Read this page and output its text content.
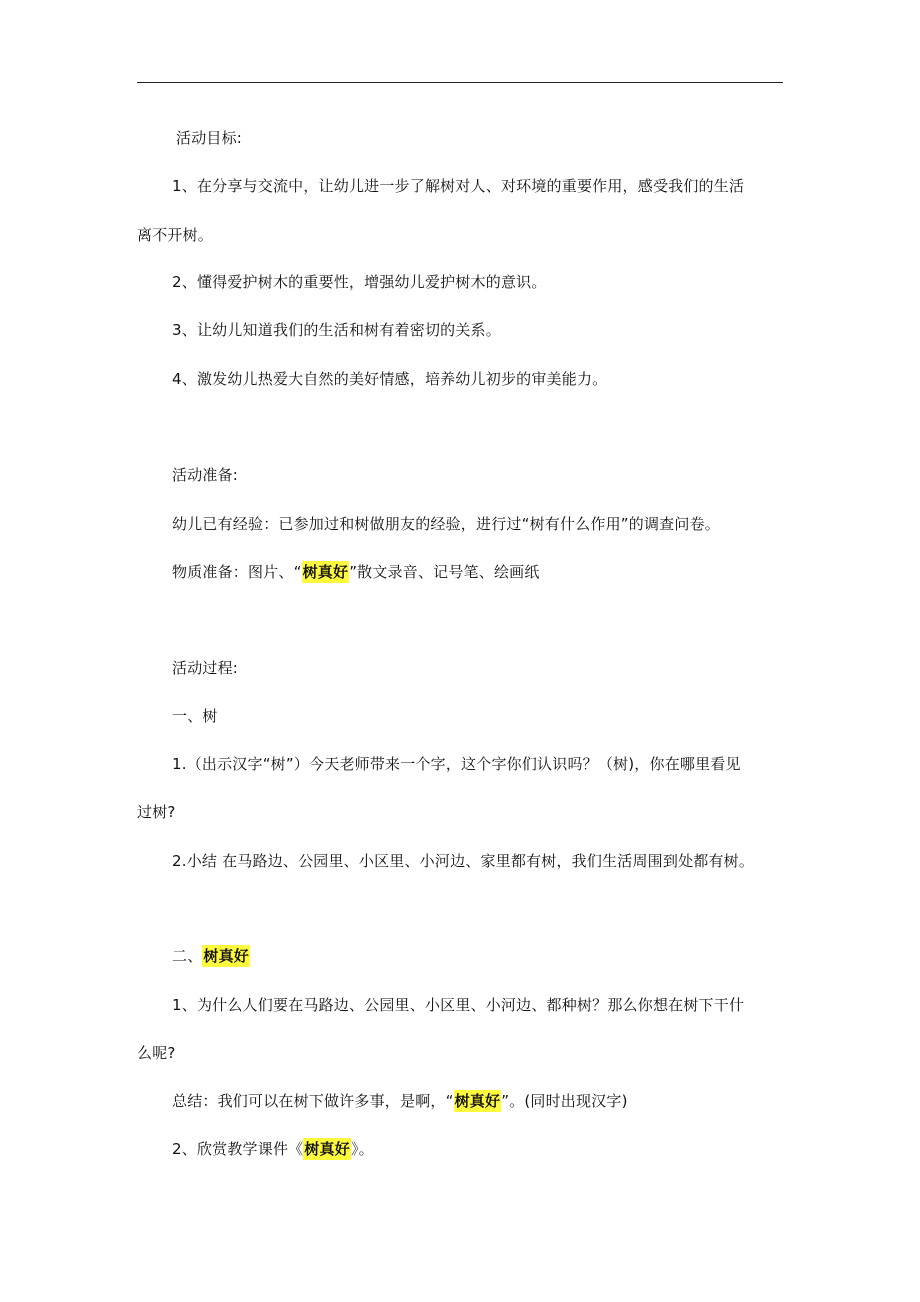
活动目标:
1、在分享与交流中，让幼儿进一步了解树对人、对环境的重要作用，感受我们的生活
离不开树。
2、懂得爱护树木的重要性，增强幼儿爱护树木的意识。
3、让幼儿知道我们的生活和树有着密切的关系。
4、激发幼儿热爱大自然的美好情感，培养幼儿初步的审美能力。
活动准备:
幼儿已有经验：已参加过和树做朋友的经验，进行过“树有什么作用”的调查问卷。
物质准备：图片、“树真好”散文录音、记号笔、绘画纸
活动过程:
一、树
1.（出示汉字“树”）今天老师带来一个字，这个字你们认识吗？（树)，你在哪里看见
过树?
2.小结 在马路边、公园里、小区里、小河边、家里都有树，我们生活周围到处都有树。
二、树真好
1、为什么人们要在马路边、公园里、小区里、小河边、都种树？那么你想在树下干什
么呢?
总结：我们可以在树下做许多事，是啊，“树真好”。(同时出现汉字)
2、欣赏教学课件《树真好》。
